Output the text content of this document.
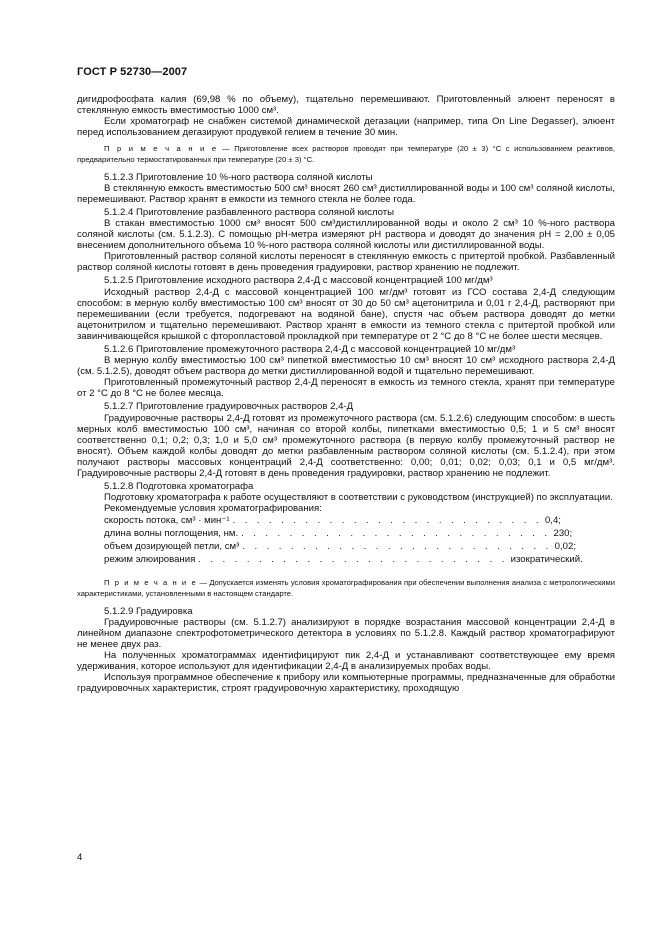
ГОСТ Р 52730—2007

дигидрофосфата калия (69,98 % по объему), тщательно перемешивают. Приготовленный элюент переносят в стеклянную емкость вместимостью 1000 см³.

Если хроматограф не снабжен системой динамической дегазации (например, типа On Line Degasser), элюент перед использованием дегазируют продувкой гелием в течение 30 мин.

П р и м е ч а н и е — Приготовление всех растворов проводят при температуре (20 ± 3) °С с использованием реактивов, предварительно термостатированных при температуре (20 ± 3) °С.

5.1.2.3 Приготовление 10 %-ного раствора соляной кислоты

В стеклянную емкость вместимостью 500 см³ вносят 260 см³ дистиллированной воды и 100 см³ соляной кислоты, перемешивают. Раствор хранят в емкости из темного стекла не более года.

5.1.2.4 Приготовление разбавленного раствора соляной кислоты

В стакан вместимостью 1000 см³ вносят 500 см³дистиллированной воды и около 2 см³ 10 %-ного раствора соляной кислоты (см. 5.1.2.3). С помощью pH-метра измеряют pH раствора и доводят до значения pH = 2,00 ± 0,05 внесением дополнительного объема 10 %-ного раствора соляной кислоты или дистиллированной воды.

Приготовленный раствор соляной кислоты переносят в стеклянную емкость с притертой пробкой. Разбавленный раствор соляной кислоты готовят в день проведения градуировки, раствор хранению не подлежит.

5.1.2.5 Приготовление исходного раствора 2,4-Д с массовой концентрацией 100 мг/дм³

Исходный раствор 2,4-Д с массовой концентрацией 100 мг/дм³ готовят из ГСО состава 2,4-Д следующим способом: в мерную колбу вместимостью 100 см³ вносят от 30 до 50 см³ ацетонитрила и 0,01 г 2,4-Д, растворяют при перемешивании (если требуется, подогревают на водяной бане), спустя час объем раствора доводят до метки ацетонитрилом и тщательно перемешивают. Раствор хранят в емкости из темного стекла с притертой пробкой или завинчивающейся крышкой с фторопластовой прокладкой при температуре от 2 °С до 8 °С не более шести месяцев.

5.1.2.6 Приготовление промежуточного раствора 2,4-Д с массовой концентрацией 10 мг/дм³

В мерную колбу вместимостью 100 см³ пипеткой вместимостью 10 см³ вносят 10 см³ исходного раствора 2,4-Д (см. 5.1.2.5), доводят объем раствора до метки дистиллированной водой и тщательно перемешивают.

Приготовленный промежуточный раствор 2,4-Д переносят в емкость из темного стекла, хранят при температуре от 2 °С до 8 °С не более месяца.

5.1.2.7 Приготовление градуировочных растворов 2,4-Д

Градуировочные растворы 2,4-Д готовят из промежуточного раствора (см. 5.1.2.6) следующим способом: в шесть мерных колб вместимостью 100 см³, начиная со второй колбы, пипетками вместимостью 0,5; 1 и 5 см³ вносят соответственно 0,1; 0,2; 0,3; 1,0 и 5,0 см³ промежуточного раствора (в первую колбу промежуточный раствор не вносят). Объем каждой колбы доводят до метки разбавленным раствором соляной кислоты (см. 5.1.2.4), при этом получают растворы массовых концентраций 2,4-Д соответственно: 0,00; 0,01; 0,02; 0,03; 0,1 и 0,5 мг/дм³. Градуировочные растворы 2,4-Д готовят в день проведения градуировки, раствор хранению не подлежит.

5.1.2.8 Подготовка хроматографа

Подготовку хроматографа к работе осуществляют в соответствии с руководством (инструкцией) по эксплуатации.

Рекомендуемые условия хроматографирования:

скорость потока, см³ · мин⁻¹ . . . . . . . . . . . . . . . . . . . . . . . . . . 0,4;
длина волны поглощения, нм. . . . . . . . . . . . . . . . . . . . . . . . . . . 230;
объем дозирующей петли, см³ . . . . . . . . . . . . . . . . . . . . . . . . . . 0,02;
режим элюирования . . . . . . . . . . . . . . . . . . . . . . . . . . изократический.

П р и м е ч а н и е — Допускается изменять условия хроматографирования при обеспечении выполнения анализа с метрологическими характеристиками, установленными в настоящем стандарте.

5.1.2.9 Градуировка

Градуировочные растворы (см. 5.1.2.7) анализируют в порядке возрастания массовой концентрации 2,4-Д в линейном диапазоне спектрофотометрического детектора в условиях по 5.1.2.8. Каждый раствор хроматографируют не менее двух раз.

На полученных хроматограммах идентифицируют пик 2,4-Д и устанавливают соответствующее ему время удерживания, которое используют для идентификации 2,4-Д в анализируемых пробах воды.

Используя программное обеспечение к прибору или компьютерные программы, предназначенные для обработки градуировочных характеристик, строят градуировочную характеристику, проходящую

4
